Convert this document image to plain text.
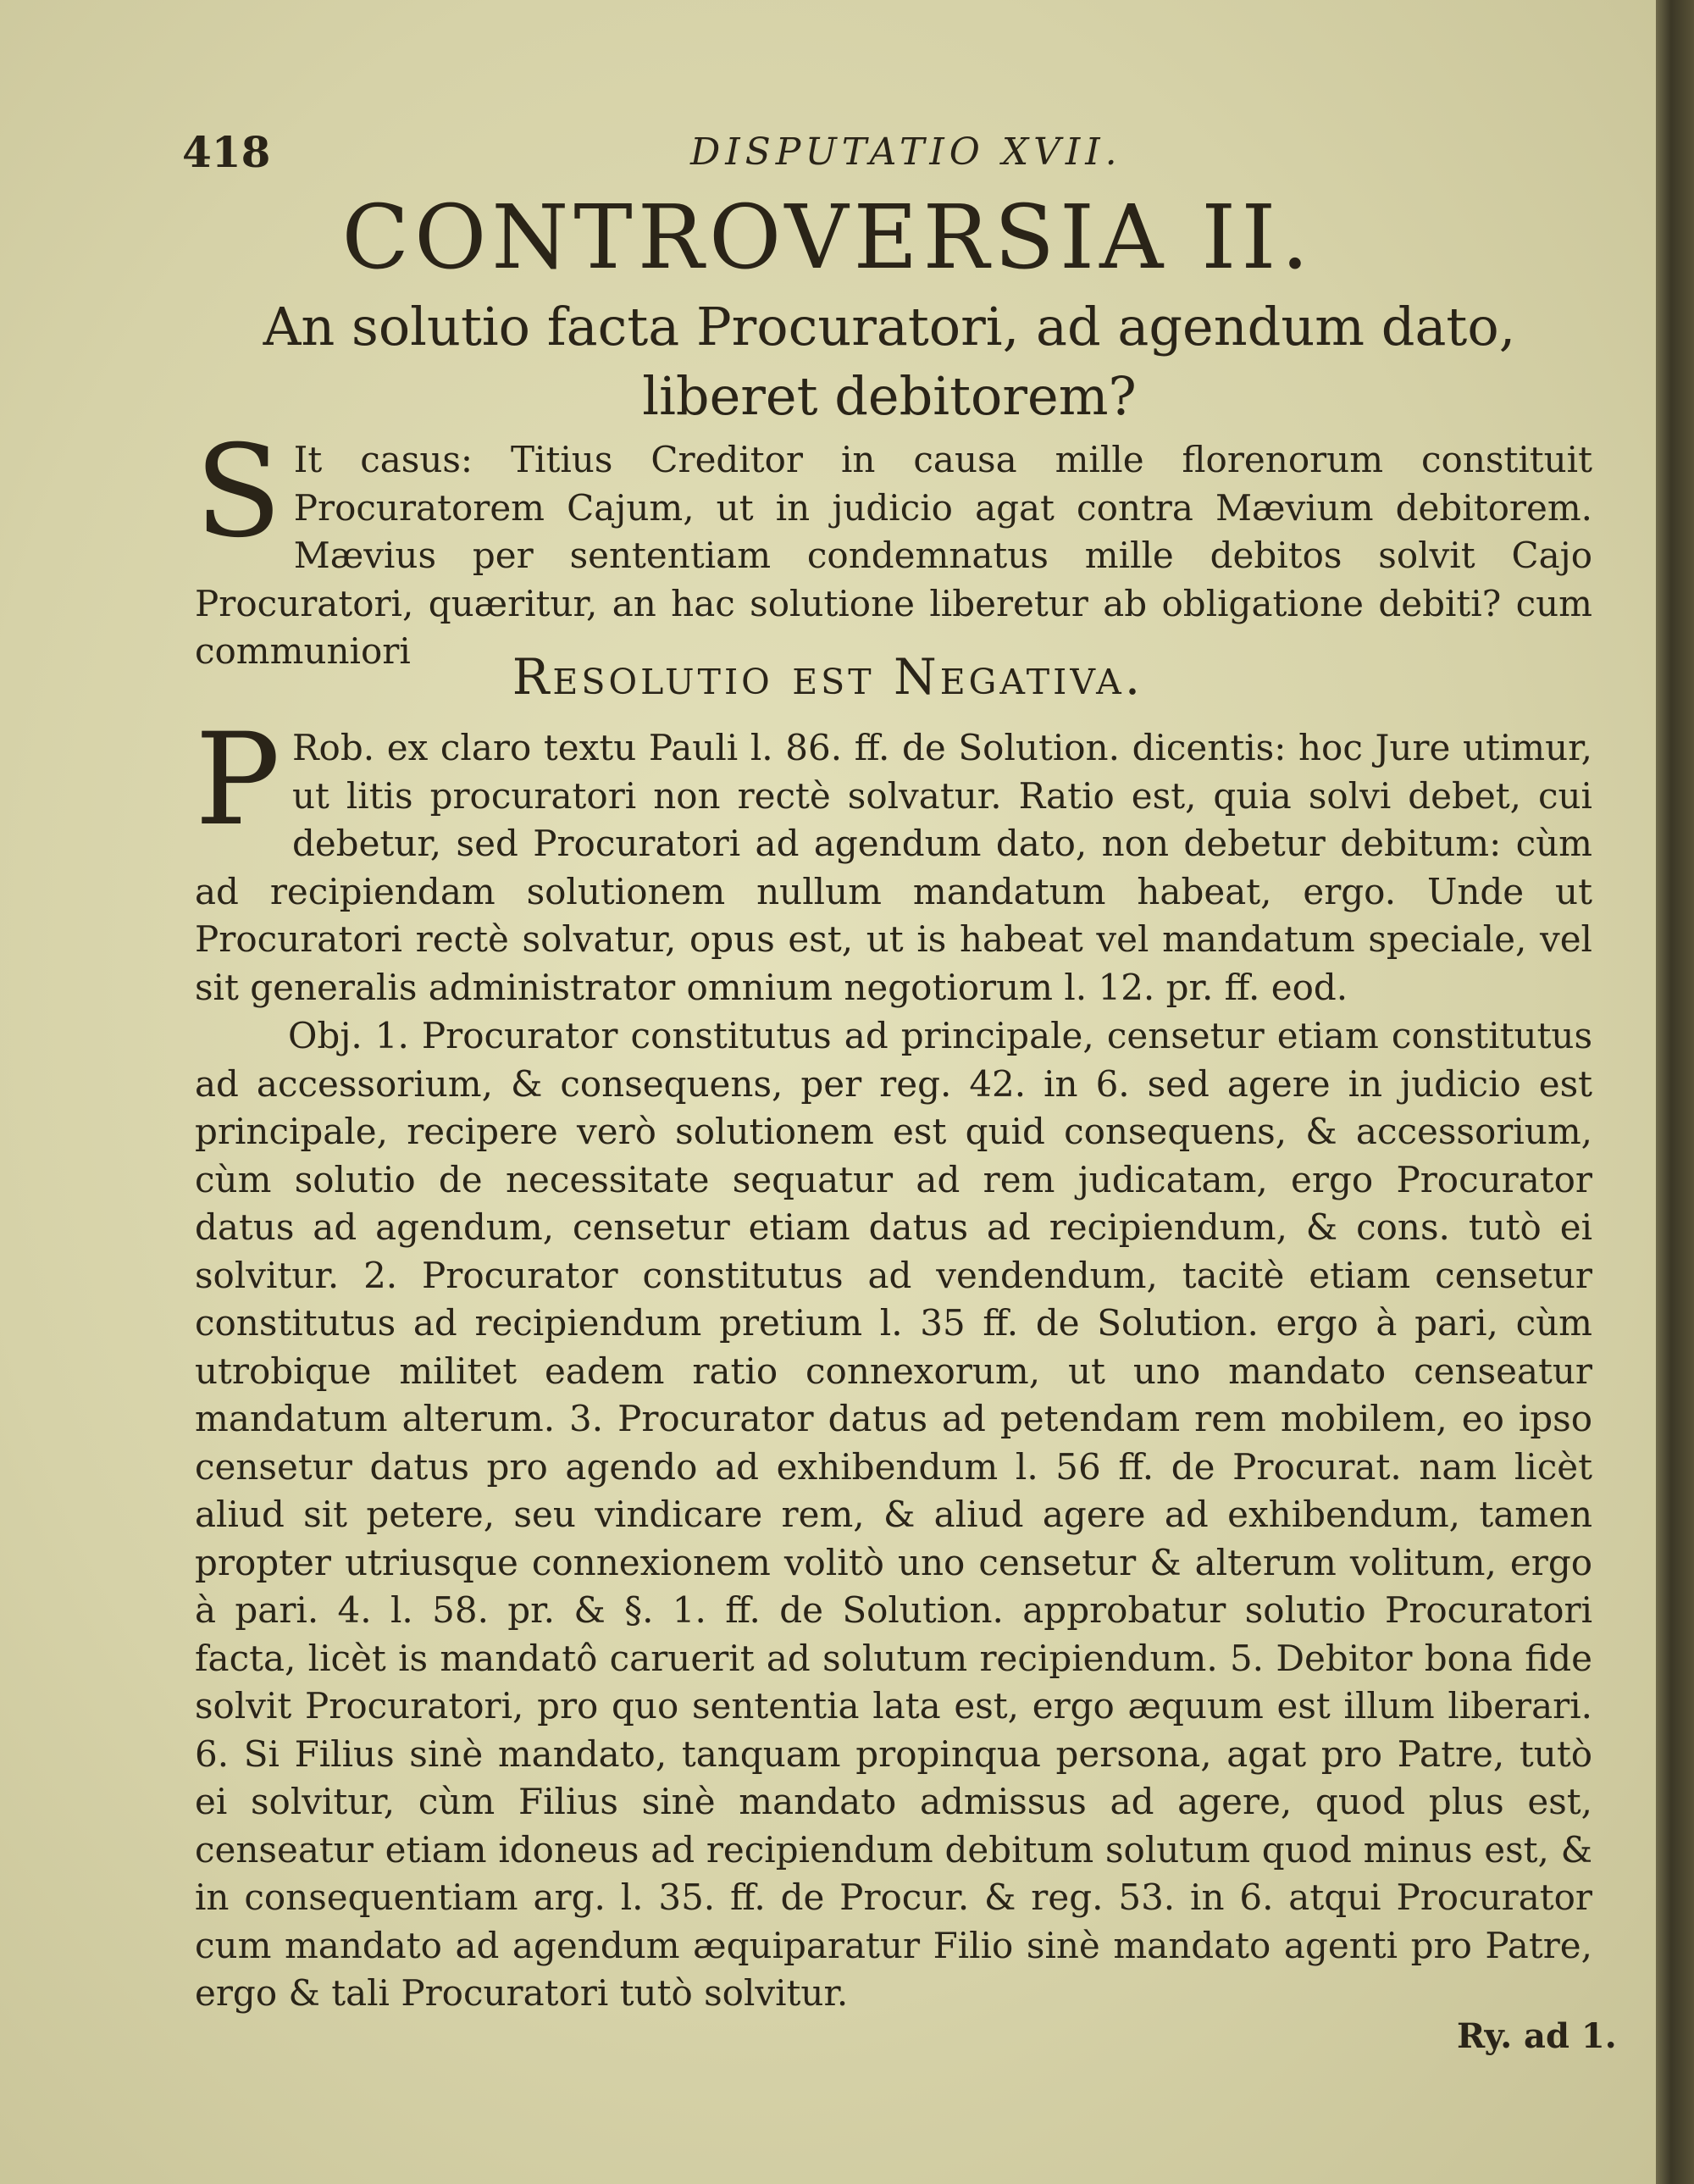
418	DISPUTATIO XVII.
CONTROVERSIA II.
An solutio facta Procuratori, ad agendum dato, liberet debitorem?
S It casus: Titius Creditor in causa mille florenorum constituit Procuratorem Cajum, ut in judicio agat contra Mævium debitorem. Mævius per sententiam condemnatus mille debitos solvit Cajo Procuratori, quæritur, an hac solutione liberetur ab obligatione debiti? cum communiori	Resolutio est Negativa.
P Rob. ex claro textu Pauli l. 86. ff. de Solution. dicentis: hoc Jure utimur, ut litis procuratori non rectè solvatur. Ratio est, quia solvi debet, cui debetur, sed Procuratori ad agendum dato, non debetur debitum: cùm ad recipiendam solutionem nullum mandatum habeat, ergo. Unde ut Procuratori rectè solvatur, opus est, ut is habeat vel mandatum speciale, vel sit generalis administrator omnium negotiorum l. 12. pr. ff. eod.
Obj. 1. Procurator constitutus ad principale, censetur etiam constitutus ad accessorium, & consequens, per reg. 42. in 6. sed agere in judicio est principale, recipere verò solutionem est quid consequens, & accessorium, cùm solutio de necessitate sequatur ad rem judicatam, ergo Procurator datus ad agendum, censetur etiam datus ad recipiendum, & cons. tutò ei solvitur. 2. Procurator constitutus ad vendendum, tacitè etiam censetur constitutus ad recipiendum pretium l. 35 ff. de Solution. ergo à pari, cùm utrobique militet eadem ratio connexorum, ut uno mandato censeatur mandatum alterum. 3. Procurator datus ad petendam rem mobilem, eo ipso censetur datus pro agendo ad exhibendum l. 56 ff. de Procurat. nam licèt aliud sit petere, seu vindicare rem, & aliud agere ad exhibendum, tamen propter utriusque connexionem volitò uno censetur & alterum volitum, ergo à pari. 4. l. 58. pr. & §. 1. ff. de Solution. approbatur solutio Procuratori facta, licèt is mandatô caruerit ad solutum recipiendum. 5. Debitor bona fide solvit Procuratori, pro quo sententia lata est, ergo æquum est illum liberari. 6. Si Filius sinè mandato, tanquam propinqua persona, agat pro Patre, tutò ei solvitur, cùm Filius sinè mandato admissus ad agere, quod plus est, censeatur etiam idoneus ad recipiendum debitum solutum quod minus est, & in consequentiam arg. l. 35. ff. de Procur. & reg. 53. in 6. atqui Procurator cum mandato ad agendum æquiparatur Filio sinè mandato agenti pro Patre, ergo & tali Procuratori tutò solvitur.
Ry. ad 1.
